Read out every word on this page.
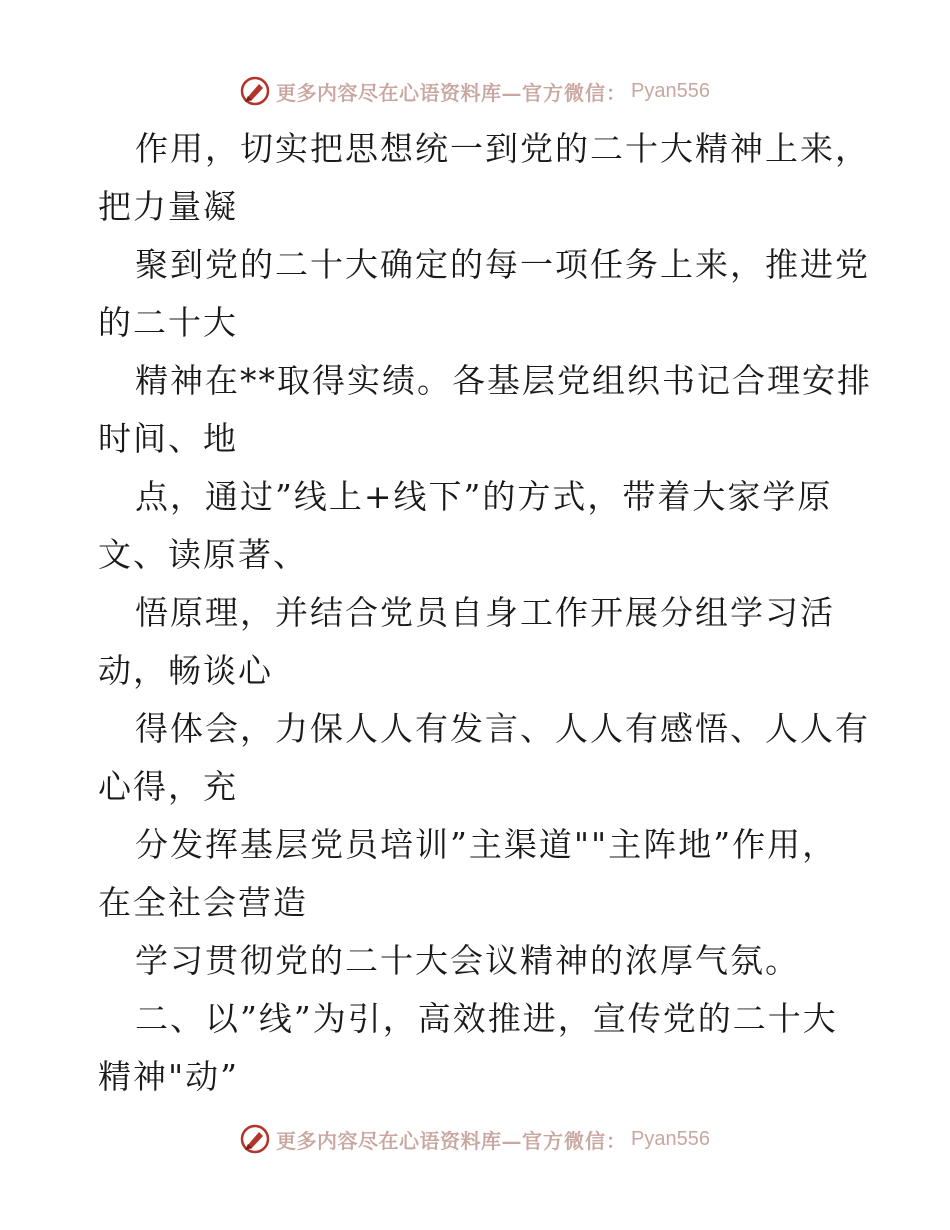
更多内容尽在心语资料库— 官方微信： Pyan556
作用，切实把思想统一到党的二十大精神上来，
把力量凝
聚到党的二十大确定的每一项任务上来，推进党
的二十大
精神在**取得实绩。各基层党组织书记合理安排
时间、地
点，通过”线上+线下”的方式，带着大家学原
文、读原著、
悟原理，并结合党员自身工作开展分组学习活
动，畅谈心
得体会，力保人人有发言、人人有感悟、人人有
心得，充
分发挥基层党员培训”主渠道""主阵地”作用，
在全社会营造
学习贯彻党的二十大会议精神的浓厚气氛。
二、以”线”为引，高效推进，宣传党的二十大
精神"动”
更多内容尽在心语资料库— 官方微信： Pyan556
